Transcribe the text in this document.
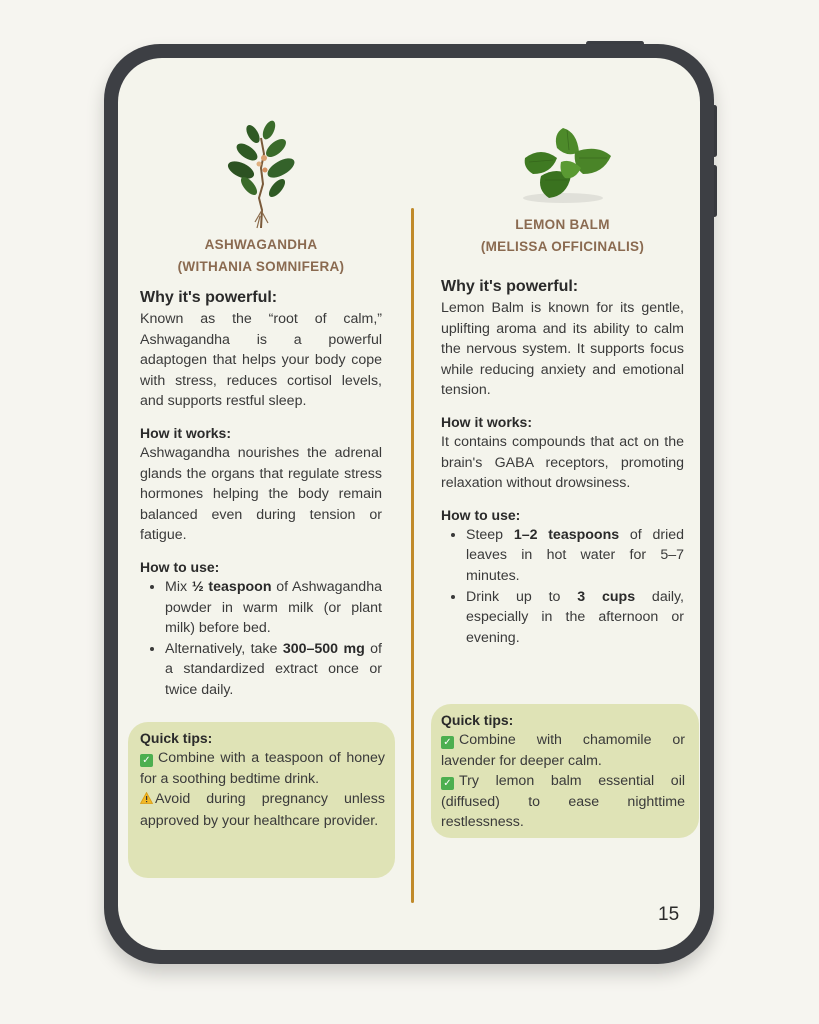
ASHWAGANDHA
(WITHANIA SOMNIFERA)
Why it's powerful:

Known as the “root of calm,” Ashwagandha is a powerful adaptogen that helps your body cope with stress, reduces cortisol levels, and supports restful sleep.

How it works:

Ashwagandha nourishes the adrenal glands the organs that regulate stress hormones helping the body remain balanced even during tension or fatigue.

How to use:
• Mix ½ teaspoon of Ashwagandha powder in warm milk (or plant milk) before bed.
• Alternatively, take 300–500 mg of a standardized extract once or twice daily.
Quick tips:

✓ Combine with a teaspoon of honey for a soothing bedtime drink.

Avoid during pregnancy unless approved by your healthcare provider.

LEMON BALM
(MELISSA OFFICINALIS)
Why it's powerful:

Lemon Balm is known for its gentle, uplifting aroma and its ability to calm the nervous system. It supports focus while reducing anxiety and emotional tension.

How it works:

It contains compounds that act on the brain's GABA receptors, promoting relaxation without drowsiness.

How to use:
• Steep 1–2 teaspoons of dried leaves in hot water for 5–7 minutes.
• Drink up to 3 cups daily, especially in the afternoon or evening.
Quick tips:

✓ Combine with chamomile or lavender for deeper calm.

✓ Try lemon balm essential oil (diffused) to ease nighttime restlessness.

15
